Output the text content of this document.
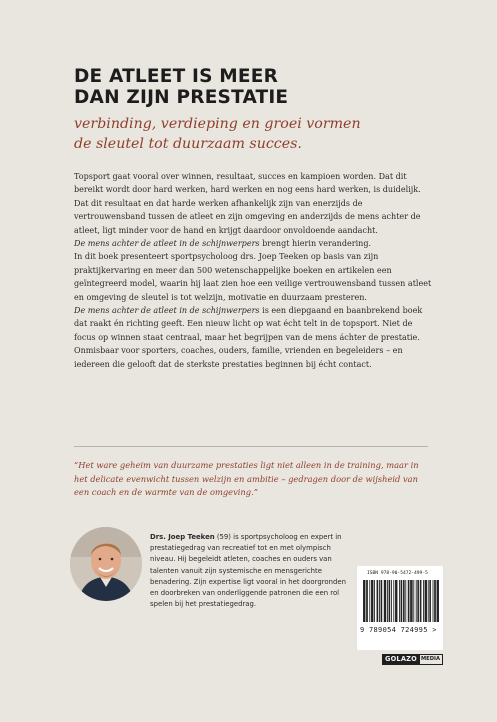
DE ATLEET IS MEER
DAN ZIJN PRESTATIE
verbinding, verdieping en groei vormen
de sleutel tot duurzaam succes.

Topsport gaat vooral over winnen, resultaat, succes en kampioen worden. Dat dit bereikt wordt door hard werken, hard werken en nog eens hard werken, is duidelijk. Dat dit resultaat en dat harde werken afhankelijk zijn van enerzijds de vertrouwensband tussen de atleet en zijn omgeving en anderzijds de mens achter de atleet, ligt minder voor de hand en krijgt daardoor onvoldoende aandacht.
De mens achter de atleet in de schijnwerpers brengt hierin verandering.

In dit boek presenteert sportpsycholoog drs. Joep Teeken op basis van zijn praktijkervaring en meer dan 500 wetenschappelijke boeken en artikelen een geïntegreerd model, waarin hij laat zien hoe een veilige vertrouwensband tussen atleet en omgeving de sleutel is tot welzijn, motivatie en duurzaam presteren.

De mens achter de atleet in de schijnwerpers is een diepgaand en baanbrekend boek dat raakt én richting geeft. Een nieuw licht op wat écht telt in de topsport. Niet de focus op winnen staat centraal, maar het begrijpen van de mens áchter de prestatie. Onmisbaar voor sporters, coaches, ouders, familie, vrienden en begeleiders – en iedereen die gelooft dat de sterkste prestaties beginnen bij écht contact.

“Het ware geheim van duurzame prestaties ligt niet alleen in de training, maar in het delicate evenwicht tussen welzijn en ambitie – gedragen door de wijsheid van een coach en de warmte van de omgeving.”
Drs. Joep Teeken (59) is sportpsycholoog en expert in prestatiegedrag van recreatief tot en met olympisch niveau. Hij begeleidt atleten, coaches en ouders van talenten vanuit zijn systemische en mensgerichte benadering. Zijn expertise ligt vooral in het doorgronden en doorbreken van onderliggende patronen die een rol spelen bij het prestatiegedrag.
ISBN 978-90-5472-499-5
9 789054 724995 >
GOLAZO MEDIA
